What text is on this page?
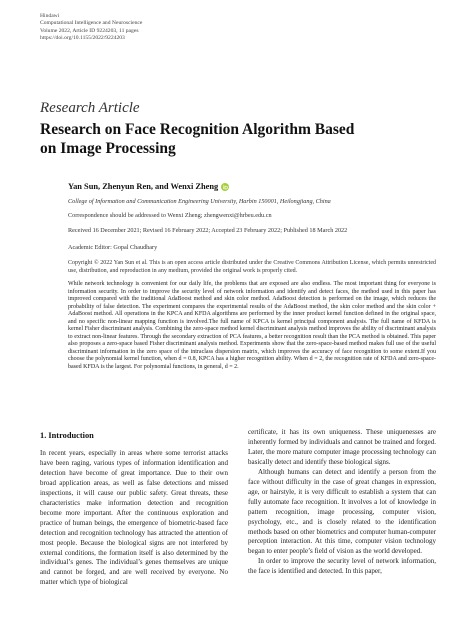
Hindawi
Computational Intelligence and Neuroscience
Volume 2022, Article ID 9224203, 11 pages
https://doi.org/10.1155/2022/9224203
Research Article
Research on Face Recognition Algorithm Based on Image Processing
Yan Sun, Zhenyun Ren, and Wenxi Zheng
College of Information and Communication Engineering University, Harbin 150001, Heilongjiang, China
Correspondence should be addressed to Wenxi Zheng; zhengwenxi@hrbeu.edu.cn
Received 16 December 2021; Revised 16 February 2022; Accepted 23 February 2022; Published 18 March 2022
Academic Editor: Gopal Chaudhary
Copyright © 2022 Yan Sun et al. This is an open access article distributed under the Creative Commons Attribution License, which permits unrestricted use, distribution, and reproduction in any medium, provided the original work is properly cited.
While network technology is convenient for our daily life, the problems that are exposed are also endless. The most important thing for everyone is information security. In order to improve the security level of network information and identify and detect faces, the method used in this paper has improved compared with the traditional AdaBoost method and skin color method. AdaBoost detection is performed on the image, which reduces the probability of false detection. The experiment compares the experimental results of the AdaBoost method, the skin color method and the skin color + AdaBoost method. All operations in the KPCA and KFDA algorithms are performed by the inner product kernel function defined in the original space, and no specific non-linear mapping function is involved.The full name of KPCA is kernel principal component analysis. The full name of KFDA is kernel Fisher discriminant analysis. Combining the zero-space method kernel discriminant analysis method improves the ability of discriminant analysis to extract non-linear features. Through the secondary extraction of PCA features, a better recognition result than the PCA method is obtained. This paper also proposes a zero-space based Fisher discriminant analysis method. Experiments show that the zero-space-based method makes full use of the useful discriminant information in the zero space of the intraclass dispersion matrix, which improves the accuracy of face recognition to some extent.If you choose the polynomial kernel function, when d = 0.8, KPCA has a higher recognition ability. When d = 2, the recognition rate of KFDA and zero-space-based KFDA is the largest. For polynomial functions, in general, d = 2.
1. Introduction

In recent years, especially in areas where some terrorist attacks have been raging, various types of information identification and detection have become of great importance. Due to their own broad application areas, as well as false detections and missed inspections, it will cause our public safety. Great threats, these characteristics make information detection and recognition become more important. After the continuous exploration and practice of human beings, the emergence of biometric-based face detection and recognition technology has attracted the attention of most people. Because the biological signs are not interfered by external conditions, the formation itself is also determined by the individual’s genes. The individual’s genes themselves are unique and cannot be forged, and are well received by everyone. No matter which type of biological

certificate, it has its own uniqueness. These uniquenesses are inherently formed by individuals and cannot be trained and forged. Later, the more mature computer image processing technology can basically detect and identify these biological signs.

Although humans can detect and identify a person from the face without difficulty in the case of great changes in expression, age, or hairstyle, it is very difficult to establish a system that can fully automate face recognition. It involves a lot of knowledge in pattern recognition, image processing, computer vision, psychology, etc., and is closely related to the identification methods based on other biometrics and computer human-computer perception interaction. At this time, computer vision technology began to enter people’s field of vision as the world developed.

In order to improve the security level of network information, the face is identified and detected. In this paper,
